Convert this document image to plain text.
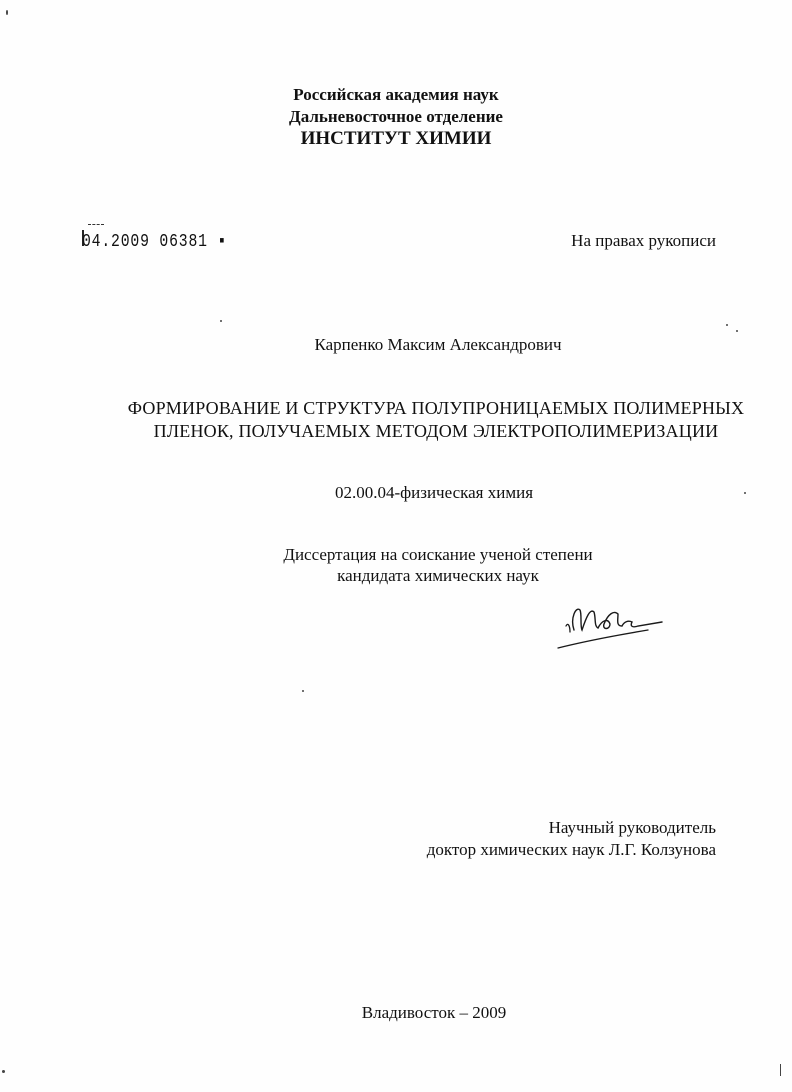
Российская академия наук
Дальневосточное отделение
ИНСТИТУТ ХИМИИ
04.2009 06381 ▪	На правах рукописи
Карпенко Максим Александрович
ФОРМИРОВАНИЕ И СТРУКТУРА ПОЛУПРОНИЦАЕМЫХ ПОЛИМЕРНЫХ
ПЛЕНОК, ПОЛУЧАЕМЫХ МЕТОДОМ ЭЛЕКТРОПОЛИМЕРИЗАЦИИ
02.00.04-физическая химия
Диссертация на соискание ученой степени
кандидата химических наук
Научный руководитель
доктор химических наук Л.Г. Колзунова
Владивосток – 2009
